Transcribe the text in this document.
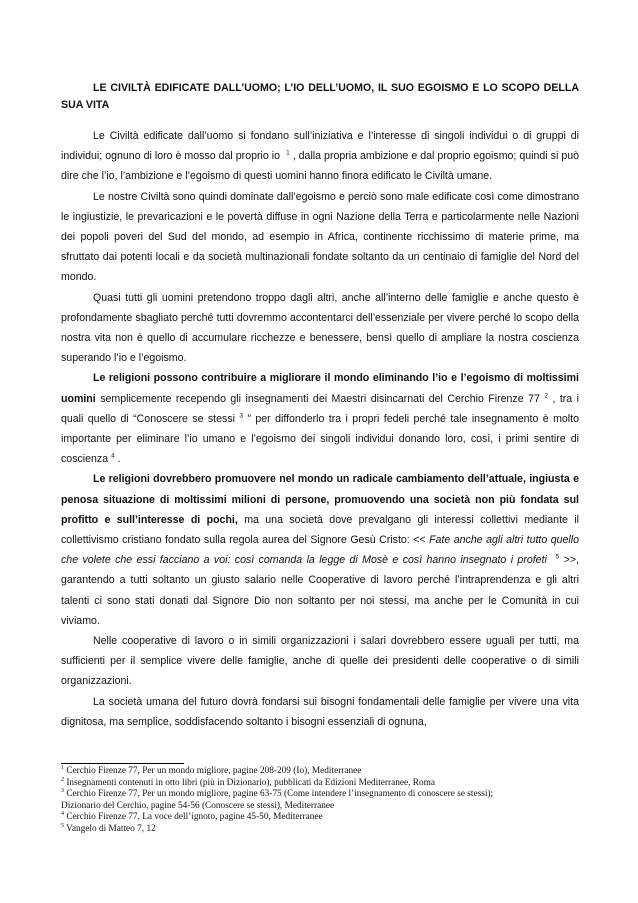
LE CIVILTÀ EDIFICATE DALL’UOMO; L’IO DELL’UOMO, IL SUO EGOISMO E LO SCOPO DELLA SUA VITA

Le Civiltà edificate dall’uomo si fondano sull’iniziativa e l’interesse di singoli individui o di gruppi di individui; ognuno di loro è mosso dal proprio io $^1$ , dalla propria ambizione e dal proprio egoismo; quindi si può dire che l’io, l’ambizione e l’egoismo di questi uomini hanno finora edificato le Civiltà umane.

Le nostre Civiltà sono quindi dominate dall’egoismo e perciò sono male edificate così come dimostrano le ingiustizie, le prevaricazioni e le povertà diffuse in ogni Nazione della Terra e particolarmente nelle Nazioni dei popoli poveri del Sud del mondo, ad esempio in Africa, continente ricchissimo di materie prime, ma sfruttato dai potenti locali e da società multinazionali fondate soltanto da un centinaio di famiglie del Nord del mondo.

Quasi tutti gli uomini pretendono troppo dagli altri, anche all’interno delle famiglie e anche questo è profondamente sbagliato perché tutti dovremmo accontentarci dell’essenziale per vivere perché lo scopo della nostra vita non è quello di accumulare ricchezze e benessere, bensì quello di ampliare la nostra coscienza superando l’io e l’egoismo.

Le religioni possono contribuire a migliorare il mondo eliminando l’io e l’egoismo di moltissimi uomini semplicemente recependo gli insegnamenti dei Maestri disincarnati del Cerchio Firenze 77 $^2$ , tra i quali quello di “Conoscere se stessi $^3$ ” per diffonderlo tra i propri fedeli perché tale insegnamento è molto importante per eliminare l’io umano e l’egoismo dei singoli individui donando loro, così, i primi sentire di coscienza $^4$ .

Le religioni dovrebbero promuovere nel mondo un radicale cambiamento dell’attuale, ingiusta e penosa situazione di moltissimi milioni di persone, promuovendo una società non più fondata sul profitto e sull’interesse di pochi, ma una società dove prevalgano gli interessi collettivi mediante il collettivismo cristiano fondato sulla regola aurea del Signore Gesù Cristo: << Fate anche agli altri tutto quello che volete che essi facciano a voi: così comanda la legge di Mosè e così hanno insegnato i profeti $^5$ >>, garantendo a tutti soltanto un giusto salario nelle Cooperative di lavoro perché l’intraprendenza e gli altri talenti ci sono stati donati dal Signore Dio non soltanto per noi stessi, ma anche per le Comunità in cui viviamo.

Nelle cooperative di lavoro o in simili organizzazioni i salari dovrebbero essere uguali per tutti, ma sufficienti per il semplice vivere delle famiglie, anche di quelle dei presidenti delle cooperative o di simili organizzazioni.

La società umana del futuro dovrà fondarsi sui bisogni fondamentali delle famiglie per vivere una vita dignitosa, ma semplice, soddisfacendo soltanto i bisogni essenziali di ognuna,

$^1$ Cerchio Firenze 77, Per un mondo migliore, pagine 208-209 (Io), Mediterranee

$^2$ Insegnamenti contenuti in otto libri (più in Dizionario), pubblicati da Edizioni Mediterranee, Roma

$^3$ Cerchio Firenze 77, Per un mondo migliore, pagine 63-75 (Come intendere l’insegnamento di conoscere se stessi);

Dizionario del Cerchio, pagine 54-56 (Conoscere se stessi), Mediterranee

$^4$ Cerchio Firenze 77, La voce dell’ignoto, pagine 45-50, Mediterranee

$^5$ Vangelo di Matteo 7, 12
